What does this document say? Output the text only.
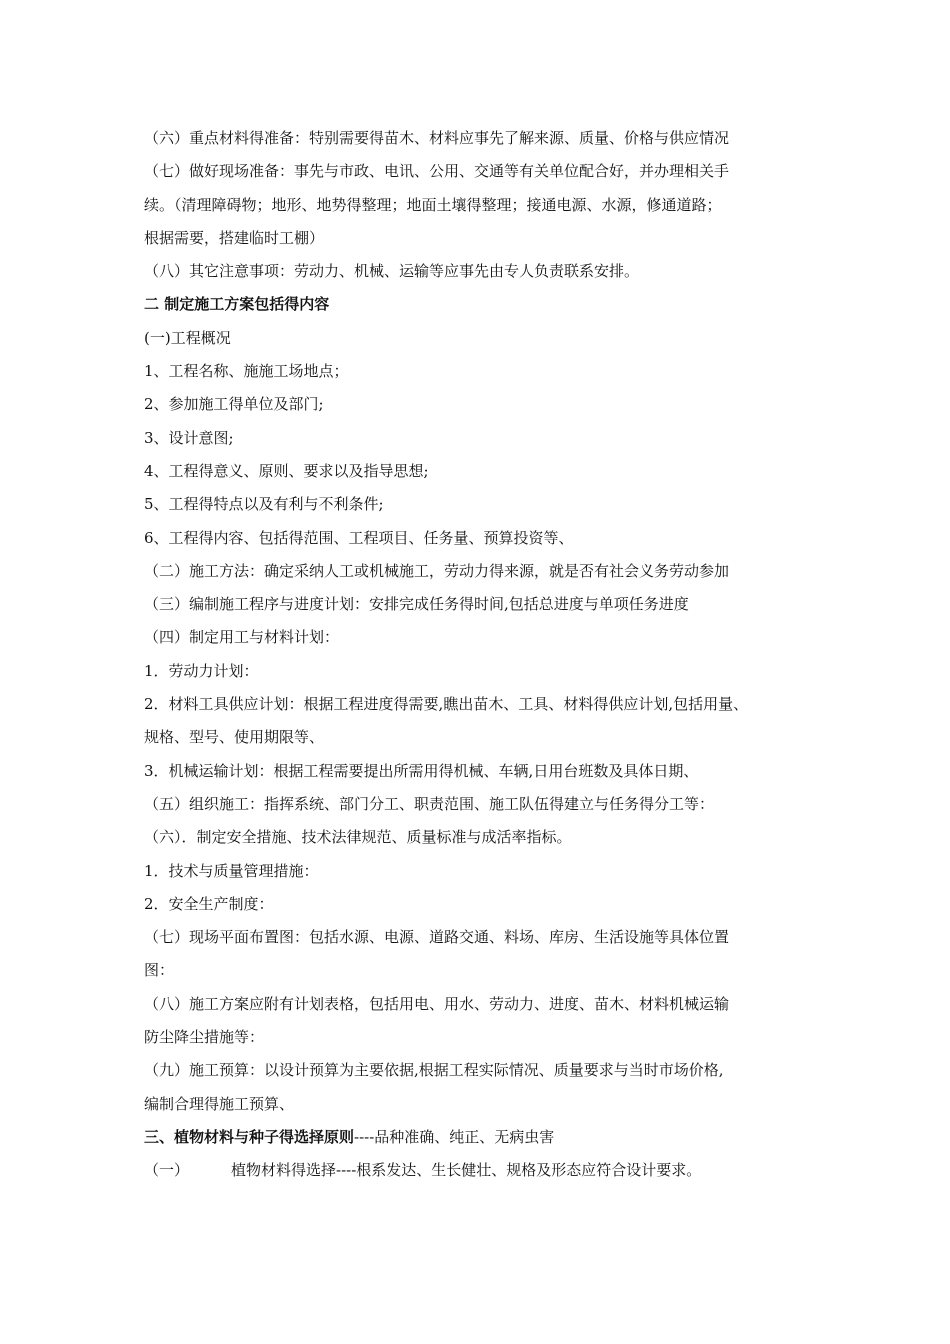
（六）重点材料得准备：特别需要得苗木、材料应事先了解来源、质量、价格与供应情况
（七）做好现场准备：事先与市政、电讯、公用、交通等有关单位配合好，并办理相关手
续。（清理障碍物；地形、地势得整理；地面土壤得整理；接通电源、水源，修通道路；
根据需要，搭建临时工棚）
（八）其它注意事项：劳动力、机械、运输等应事先由专人负责联系安排。
二 制定施工方案包括得内容
(一)工程概况
1、工程名称、施施工场地点；
2、参加施工得单位及部门;
3、设计意图;
4、工程得意义、原则、要求以及指导思想;
5、工程得特点以及有利与不利条件;
6、工程得内容、包括得范围、工程项目、任务量、预算投资等、
（二）施工方法：确定采纳人工或机械施工，劳动力得来源，就是否有社会义务劳动参加
（三）编制施工程序与进度计划：安排完成任务得时间,包括总进度与单项任务进度
（四）制定用工与材料计划：
1．劳动力计划：
2．材料工具供应计划：根据工程进度得需要,瞧出苗木、工具、材料得供应计划,包括用量、
规格、型号、使用期限等、
3．机械运输计划：根据工程需要提出所需用得机械、车辆,日用台班数及具体日期、
（五）组织施工：指挥系统、部门分工、职责范围、施工队伍得建立与任务得分工等：
（六）．制定安全措施、技术法律规范、质量标准与成活率指标。
1．技术与质量管理措施：
2．安全生产制度：
（七）现场平面布置图：包括水源、电源、道路交通、料场、库房、生活设施等具体位置
图：
（八）施工方案应附有计划表格，包括用电、用水、劳动力、进度、苗木、材料机械运输
防尘降尘措施等：
（九）施工预算：以设计预算为主要依据,根据工程实际情况、质量要求与当时市场价格,
编制合理得施工预算、
三、植物材料与种子得选择原则----品种准确、纯正、无病虫害
（一）	植物材料得选择----根系发达、生长健壮、规格及形态应符合设计要求。
